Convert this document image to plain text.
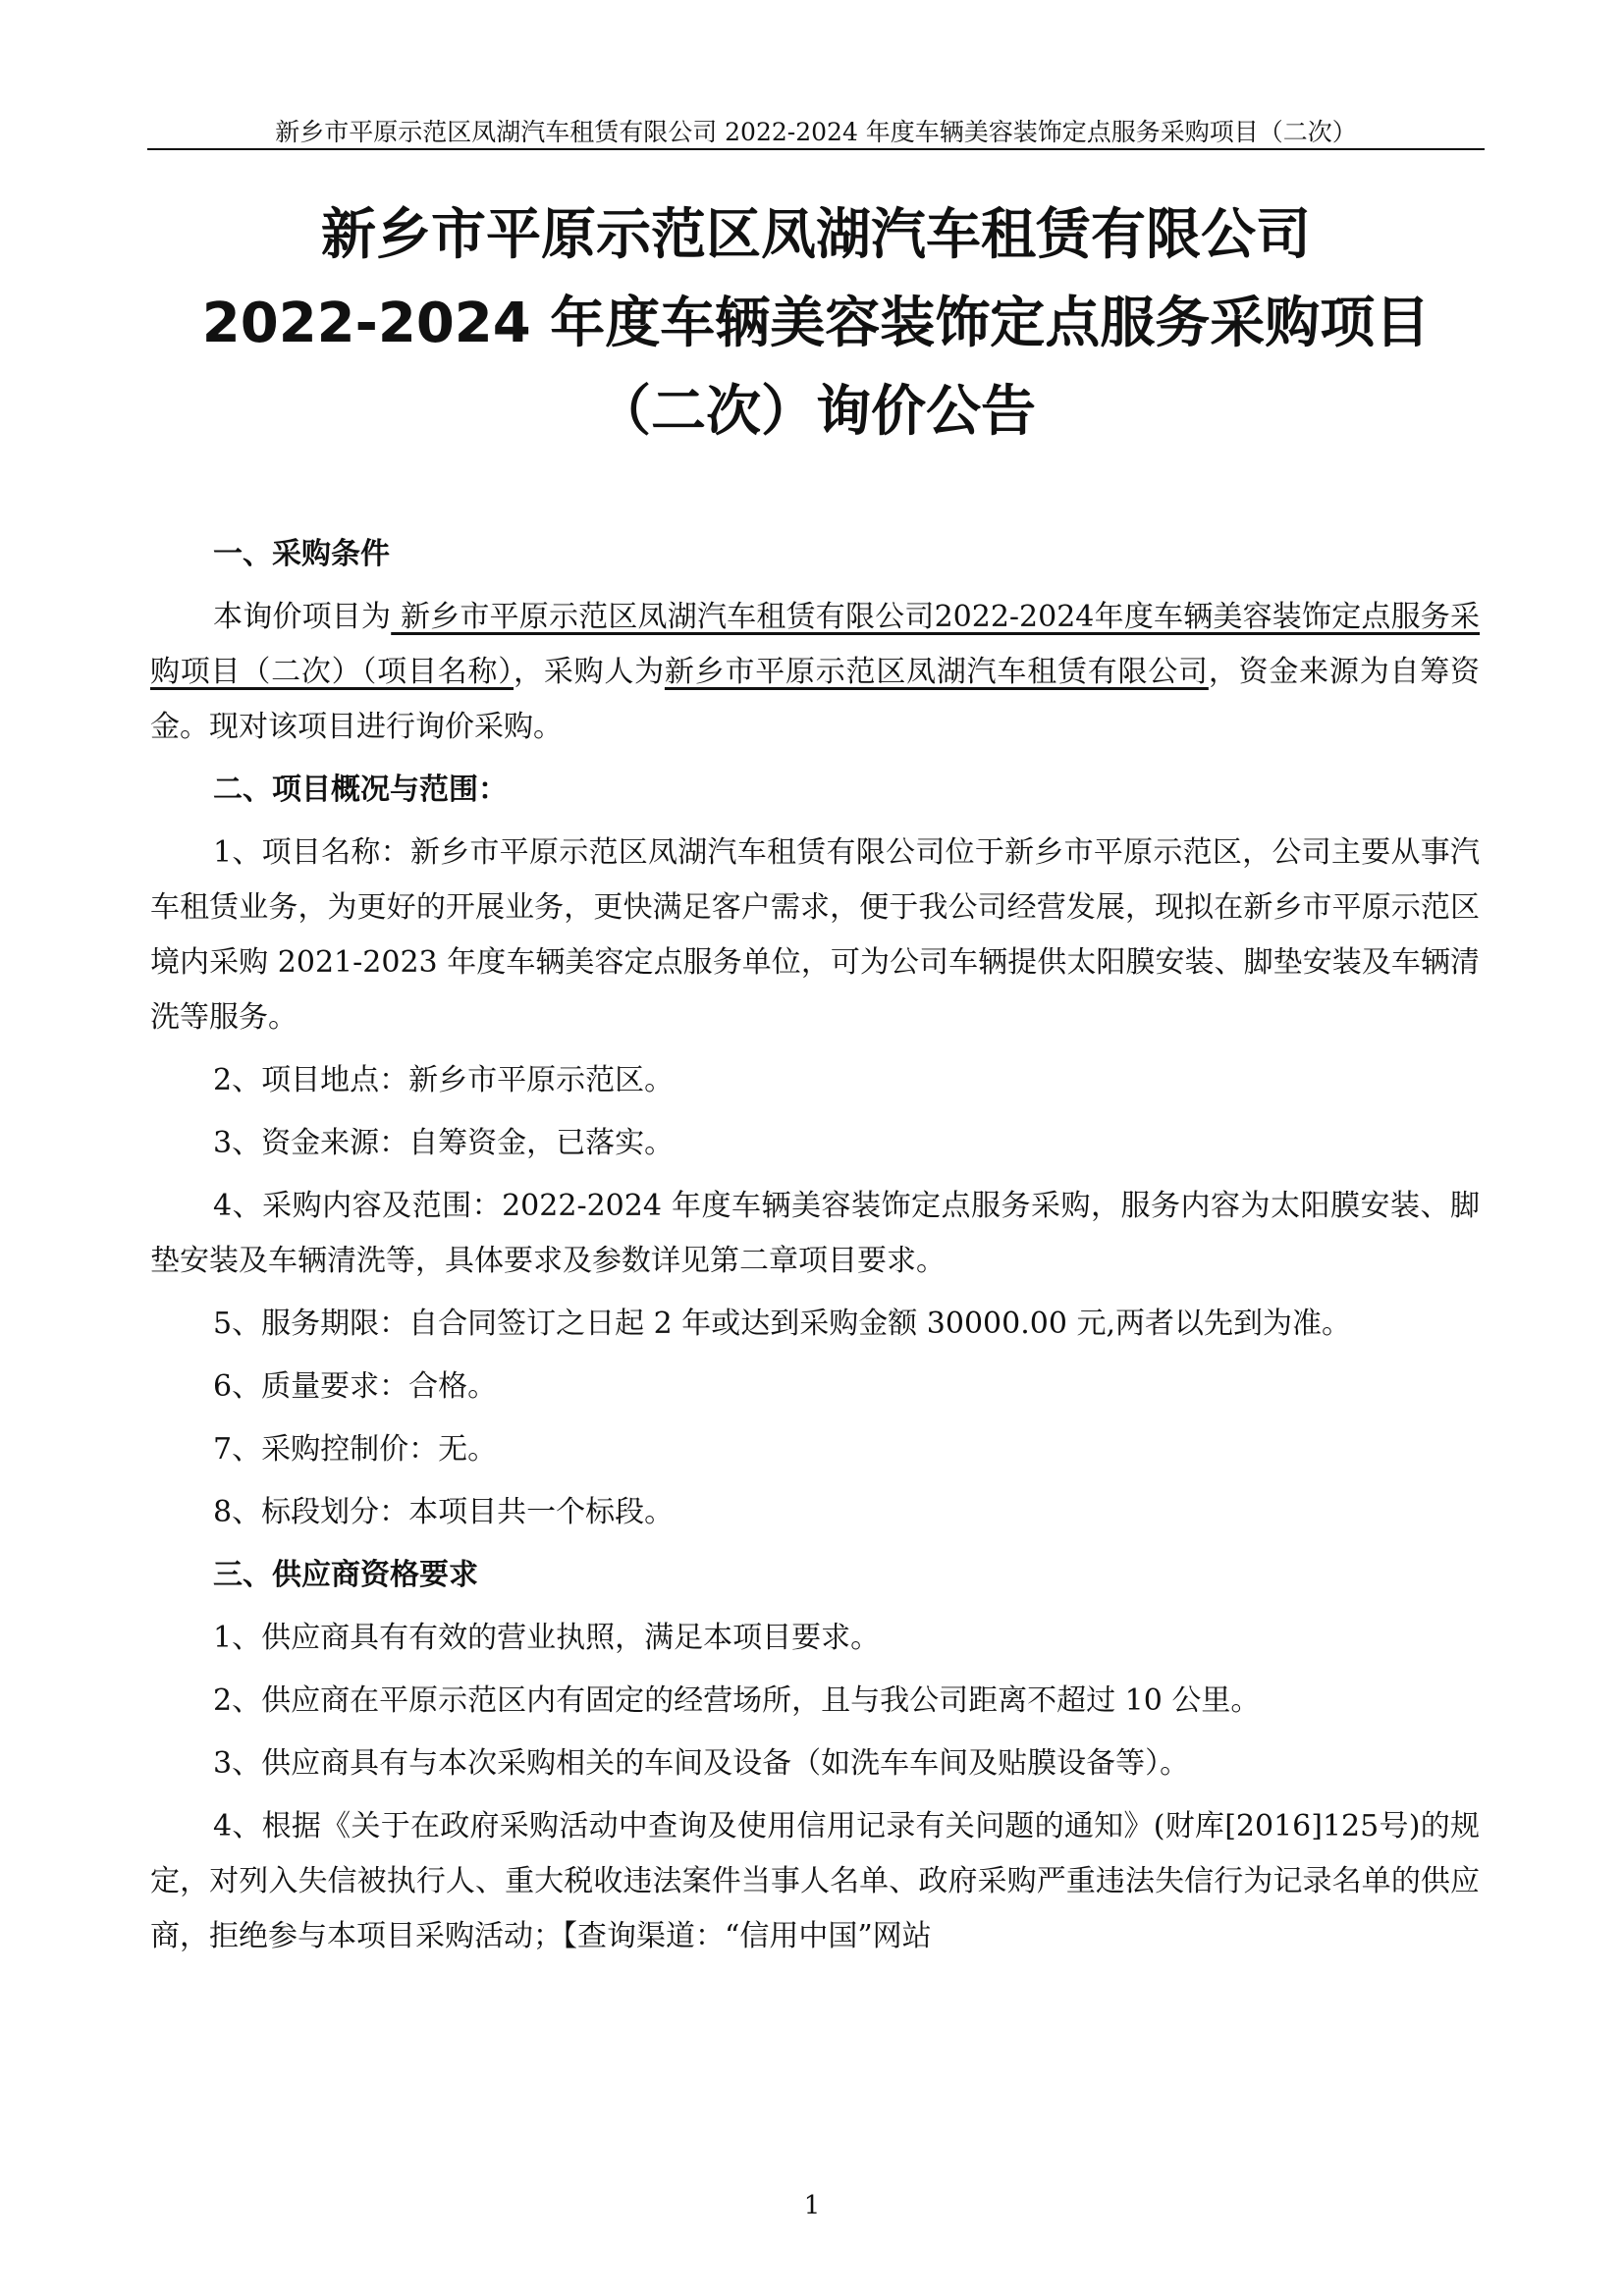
新乡市平原示范区凤湖汽车租赁有限公司 2022-2024 年度车辆美容装饰定点服务采购项目（二次）
新乡市平原示范区凤湖汽车租赁有限公司
2022-2024 年度车辆美容装饰定点服务采购项目
（二次）询价公告

一、采购条件

本询价项目为 新乡市平原示范区凤湖汽车租赁有限公司2022-2024年度车辆美容装饰定点服务采购项目（二次）（项目名称），采购人为新乡市平原示范区凤湖汽车租赁有限公司，资金来源为自筹资金。现对该项目进行询价采购。

二、项目概况与范围：

1、项目名称：新乡市平原示范区凤湖汽车租赁有限公司位于新乡市平原示范区，公司主要从事汽车租赁业务，为更好的开展业务，更快满足客户需求，便于我公司经营发展，现拟在新乡市平原示范区境内采购 2021-2023 年度车辆美容定点服务单位，可为公司车辆提供太阳膜安装、脚垫安装及车辆清洗等服务。

2、项目地点：新乡市平原示范区。

3、资金来源：自筹资金，已落实。

4、采购内容及范围：2022-2024 年度车辆美容装饰定点服务采购，服务内容为太阳膜安装、脚垫安装及车辆清洗等，具体要求及参数详见第二章项目要求。

5、服务期限：自合同签订之日起 2 年或达到采购金额 30000.00 元,两者以先到为准。

6、质量要求：合格。

7、采购控制价：无。

8、标段划分：本项目共一个标段。

三、供应商资格要求

1、供应商具有有效的营业执照，满足本项目要求。

2、供应商在平原示范区内有固定的经营场所，且与我公司距离不超过 10 公里。

3、供应商具有与本次采购相关的车间及设备（如洗车车间及贴膜设备等）。

4、根据《关于在政府采购活动中查询及使用信用记录有关问题的通知》(财库[2016]125号)的规定，对列入失信被执行人、重大税收违法案件当事人名单、政府采购严重违法失信行为记录名单的供应商，拒绝参与本项目采购活动；【查询渠道：“信用中国”网站

1
